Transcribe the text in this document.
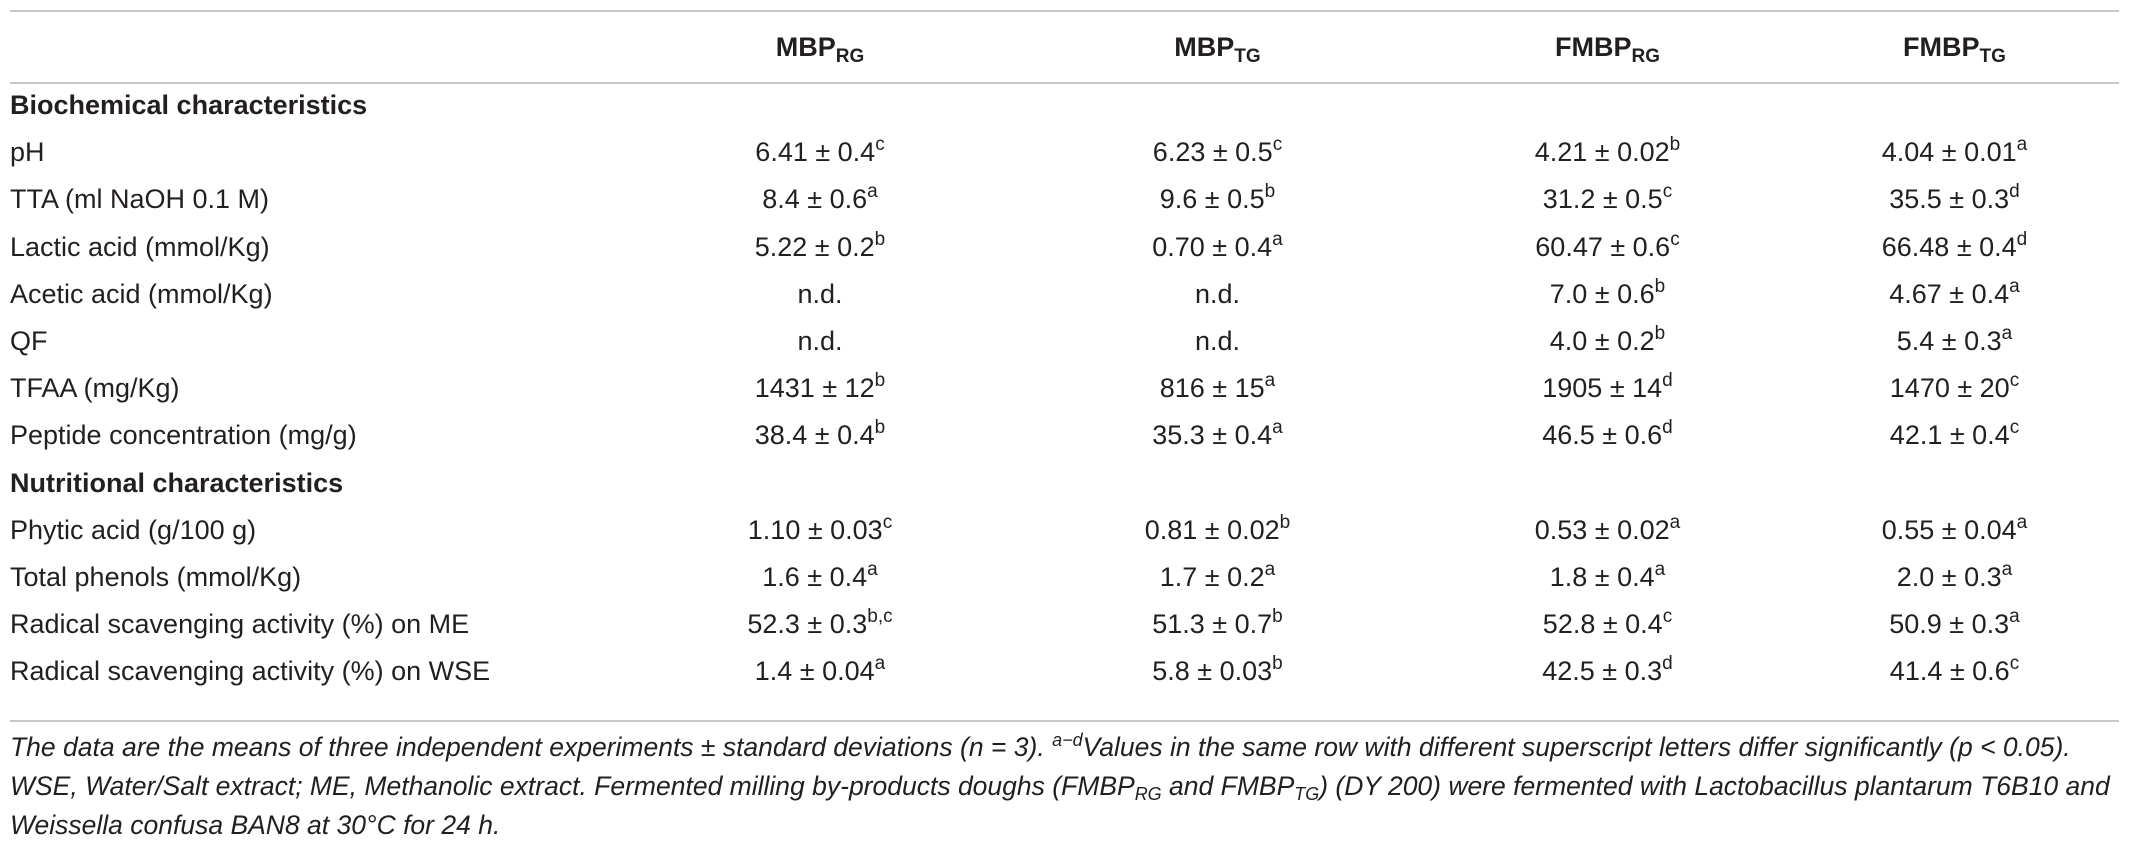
	$MBP_{RG}$	$MBP_{TG}$	$FMBP_{RG}$	$FMBP_{TG}$
Biochemical characteristics				
pH	6.41 ± 0.4$^c$	6.23 ± 0.5$^c$	4.21 ± 0.02$^b$	4.04 ± 0.01$^a$
TTA (ml NaOH 0.1 M)	8.4 ± 0.6$^a$	9.6 ± 0.5$^b$	31.2 ± 0.5$^c$	35.5 ± 0.3$^d$
Lactic acid (mmol/Kg)	5.22 ± 0.2$^b$	0.70 ± 0.4$^a$	60.47 ± 0.6$^c$	66.48 ± 0.4$^d$
Acetic acid (mmol/Kg)	n.d.	n.d.	7.0 ± 0.6$^b$	4.67 ± 0.4$^a$
QF	n.d.	n.d.	4.0 ± 0.2$^b$	5.4 ± 0.3$^a$
TFAA (mg/Kg)	$1431 \pm 12^b$	$816 \pm 15^a$	$1905 \pm 14^d$	$1470 \pm 20^c$
Peptide concentration (mg/g)	38.4 ± 0.4$^b$	35.3 ± 0.4$^a$	46.5 ± 0.6$^d$	42.1 ± 0.4$^c$
Nutritional characteristics				
Phytic acid (g/100 g)	1.10 ± 0.03$^c$	0.81 ± 0.02$^b$	0.53 ± 0.02$^a$	0.55 ± 0.04$^a$
Total phenols (mmol/Kg)	1.6 ± 0.4$^a$	1.7 ± 0.2$^a$	1.8 ± 0.4$^a$	2.0 ± 0.3$^a$
Radical scavenging activity (%) on ME	$52.3 \pm 0.3^{b,c}$	51.3 ± 0.7$^b$	52.8 ± 0.4$^c$	50.9 ± 0.3$^a$
Radical scavenging activity (%) on WSE	1.4 ± 0.04$^a$	5.8 ± 0.03$^b$	42.5 ± 0.3$^d$	41.4 ± 0.6$^c$
The data are the means of three independent experiments ± standard deviations (n = 3). $^{a-d}$Values in the same row with different superscript letters differ significantly (p < 0.05). WSE, Water/Salt extract; ME, Methanolic extract. Fermented milling by-products doughs ($FMBP_{RG}$ and $FMBP_{TG}$) (DY 200) were fermented with Lactobacillus plantarum T6B10 and Weissella confusa BAN8 at 30°C for 24 h.
